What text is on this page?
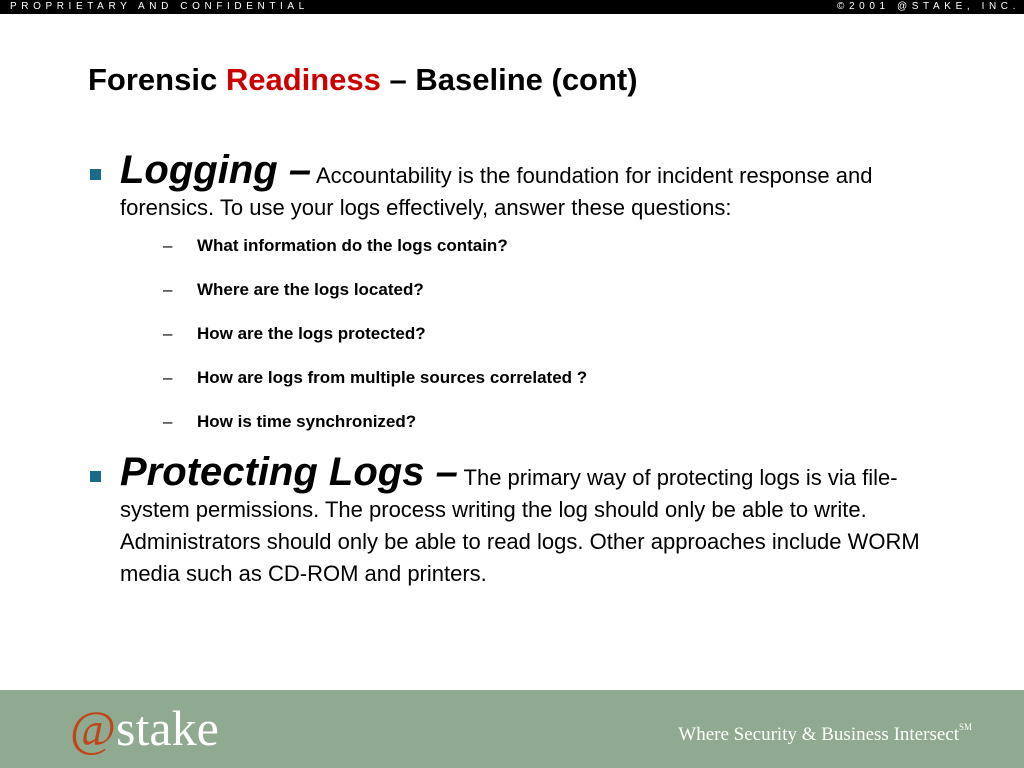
PROPRIETARY AND CONFIDENTIAL	©2001 @STAKE, INC.
Forensic Readiness – Baseline (cont)
Logging – Accountability is the foundation for incident response and forensics. To use your logs effectively, answer these questions:
– What information do the logs contain?
– Where are the logs located?
– How are the logs protected?
– How are logs from multiple sources correlated ?
– How is time synchronized?
Protecting Logs – The primary way of protecting logs is via file-system permissions. The process writing the log should only be able to write. Administrators should only be able to read logs. Other approaches include WORM media such as CD-ROM and printers.
@stake	Where Security & Business Intersect℠
